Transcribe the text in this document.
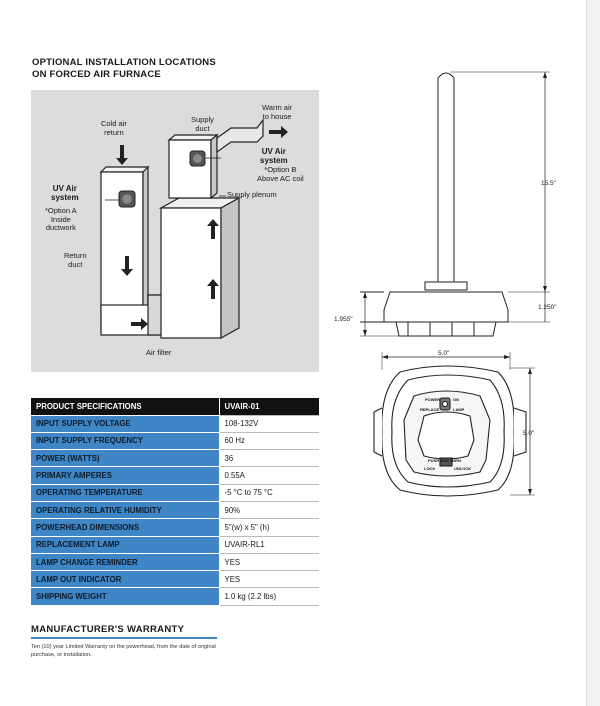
OPTIONAL INSTALLATION LOCATIONS
ON FORCED AIR FURNACE
Cold air
return
Supply
duct
Warm air
to house
UV Air
system
*Option B
Above AC coil
Supply plenum
UV Air
system
*Option A
Inside
ductwork
Return
duct
Air filter
PRODUCT SPECIFICATIONS	UVAIR-01
INPUT SUPPLY VOLTAGE	108-132V
INPUT SUPPLY FREQUENCY	60 Hz
POWER (WATTS)	36
PRIMARY AMPERES	0.55A
OPERATING TEMPERATURE	-5 °C to 75 °C
OPERATING RELATIVE HUMIDITY	90%
POWERHEAD DIMENSIONS	5"(w) x 5" (h)
REPLACEMENT LAMP	UVAIR-RL1
LAMP CHANGE REMINDER	YES
LAMP OUT INDICATOR	YES
SHIPPING WEIGHT	1.0 kg (2.2 lbs)
MANUFACTURER'S WARRANTY
Ten (10) year Limited Warranty on the powerhead, from the date of original purchase, or installation.
15.5"
1.250"
1.955"
5.0"
5.0"
POWER	ON
REPLACE	LAMP
PUSH AND TURN
LOCK	UNLOCK
